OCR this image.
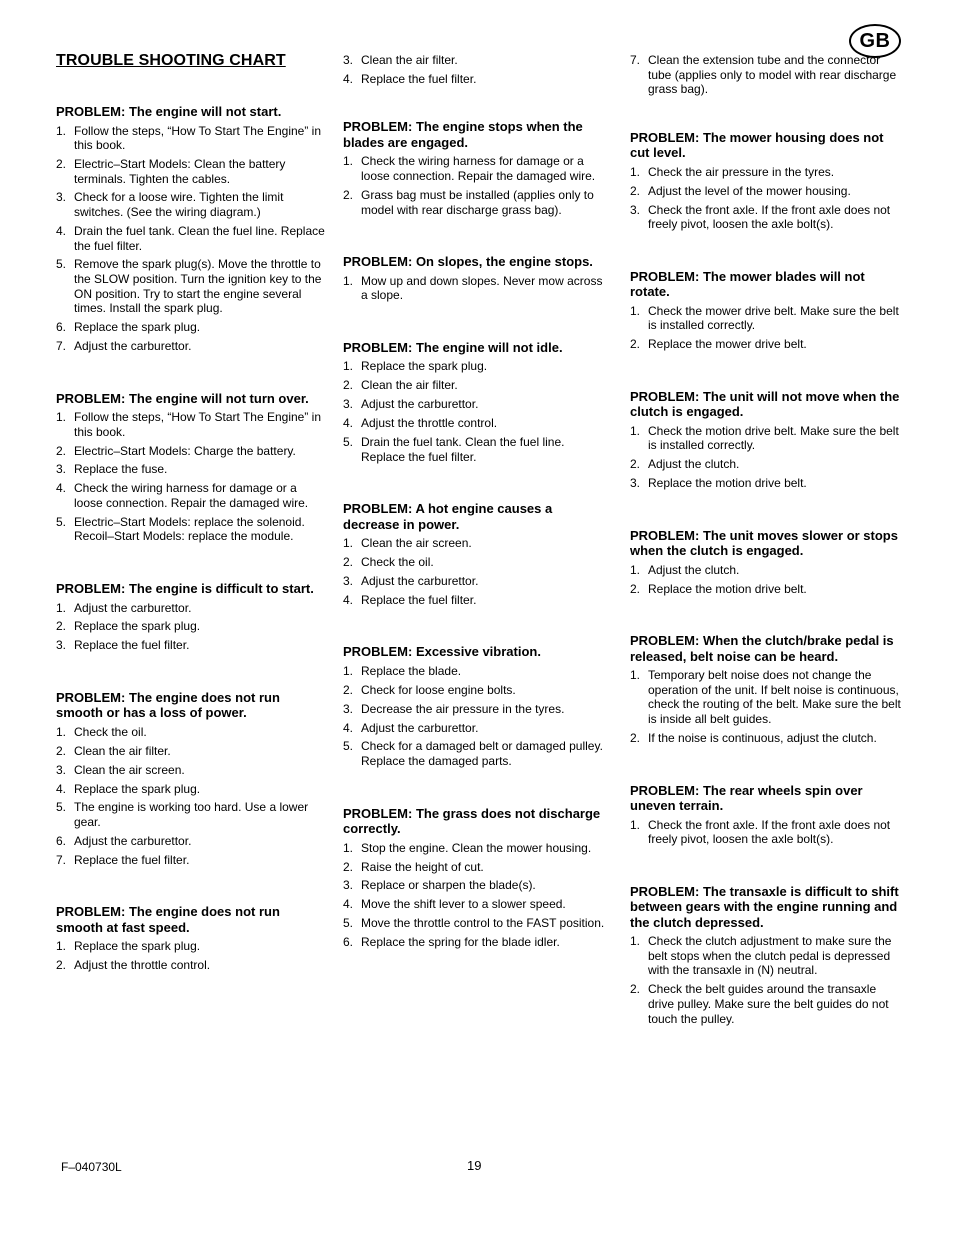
TROUBLE SHOOTING CHART
GB
PROBLEM: The engine will not start.
1. Follow the steps, “How To Start The Engine” in this book.
2. Electric–Start Models: Clean the battery terminals. Tighten the cables.
3. Check for a loose wire. Tighten the limit switches. (See the wiring diagram.)
4. Drain the fuel tank. Clean the fuel line. Replace the fuel filter.
5. Remove the spark plug(s). Move the throttle to the SLOW position. Turn the ignition key to the ON position. Try to start the engine several times. Install the spark plug.
6. Replace the spark plug.
7. Adjust the carburettor.
PROBLEM: The engine will not turn over.
1. Follow the steps, “How To Start The Engine” in this book.
2. Electric–Start Models: Charge the battery.
3. Replace the fuse.
4. Check the wiring harness for damage or a loose connection. Repair the damaged wire.
5. Electric–Start Models: replace the solenoid. Recoil–Start Models: replace the module.
PROBLEM: The engine is difficult to start.
1. Adjust the carburettor.
2. Replace the spark plug.
3. Replace the fuel filter.
PROBLEM: The engine does not run smooth or has a loss of power.
1. Check the oil.
2. Clean the air filter.
3. Clean the air screen.
4. Replace the spark plug.
5. The engine is working too hard. Use a lower gear.
6. Adjust the carburettor.
7. Replace the fuel filter.
PROBLEM: The engine does not run smooth at fast speed.
1. Replace the spark plug.
2. Adjust the throttle control.
3. Clean the air filter.
4. Replace the fuel filter.
PROBLEM: The engine stops when the blades are engaged.
1. Check the wiring harness for damage or a loose connection. Repair the damaged wire.
2. Grass bag must be installed (applies only to model with rear discharge grass bag).
PROBLEM: On slopes, the engine stops.
1. Mow up and down slopes. Never mow across a slope.
PROBLEM: The engine will not idle.
1. Replace the spark plug.
2. Clean the air filter.
3. Adjust the carburettor.
4. Adjust the throttle control.
5. Drain the fuel tank. Clean the fuel line. Replace the fuel filter.
PROBLEM: A hot engine causes a decrease in power.
1. Clean the air screen.
2. Check the oil.
3. Adjust the carburettor.
4. Replace the fuel filter.
PROBLEM: Excessive vibration.
1. Replace the blade.
2. Check for loose engine bolts.
3. Decrease the air pressure in the tyres.
4. Adjust the carburettor.
5. Check for a damaged belt or damaged pulley. Replace the damaged parts.
PROBLEM: The grass does not discharge correctly.
1. Stop the engine. Clean the mower housing.
2. Raise the height of cut.
3. Replace or sharpen the blade(s).
4. Move the shift lever to a slower speed.
5. Move the throttle control to the FAST position.
6. Replace the spring for the blade idler.
7. Clean the extension tube and the connector tube (applies only to model with rear discharge grass bag).
PROBLEM: The mower housing does not cut level.
1. Check the air pressure in the tyres.
2. Adjust the level of the mower housing.
3. Check the front axle. If the front axle does not freely pivot, loosen the axle bolt(s).
PROBLEM: The mower blades will not rotate.
1. Check the mower drive belt. Make sure the belt is installed correctly.
2. Replace the mower drive belt.
PROBLEM: The unit will not move when the clutch is engaged.
1. Check the motion drive belt. Make sure the belt is installed correctly.
2. Adjust the clutch.
3. Replace the motion drive belt.
PROBLEM: The unit moves slower or stops when the clutch is engaged.
1. Adjust the clutch.
2. Replace the motion drive belt.
PROBLEM: When the clutch/brake pedal is released, belt noise can be heard.
1. Temporary belt noise does not change the operation of the unit. If belt noise is continuous, check the routing of the belt. Make sure the belt is inside all belt guides.
2. If the noise is continuous, adjust the clutch.
PROBLEM: The rear wheels spin over uneven terrain.
1. Check the front axle. If the front axle does not freely pivot, loosen the axle bolt(s).
PROBLEM: The transaxle is difficult to shift between gears with the engine running and the clutch depressed.
1. Check the clutch adjustment to make sure the belt stops when the clutch pedal is depressed with the transaxle in (N) neutral.
2. Check the belt guides around the transaxle drive pulley. Make sure the belt guides do not touch the pulley.
F–040730L	19
